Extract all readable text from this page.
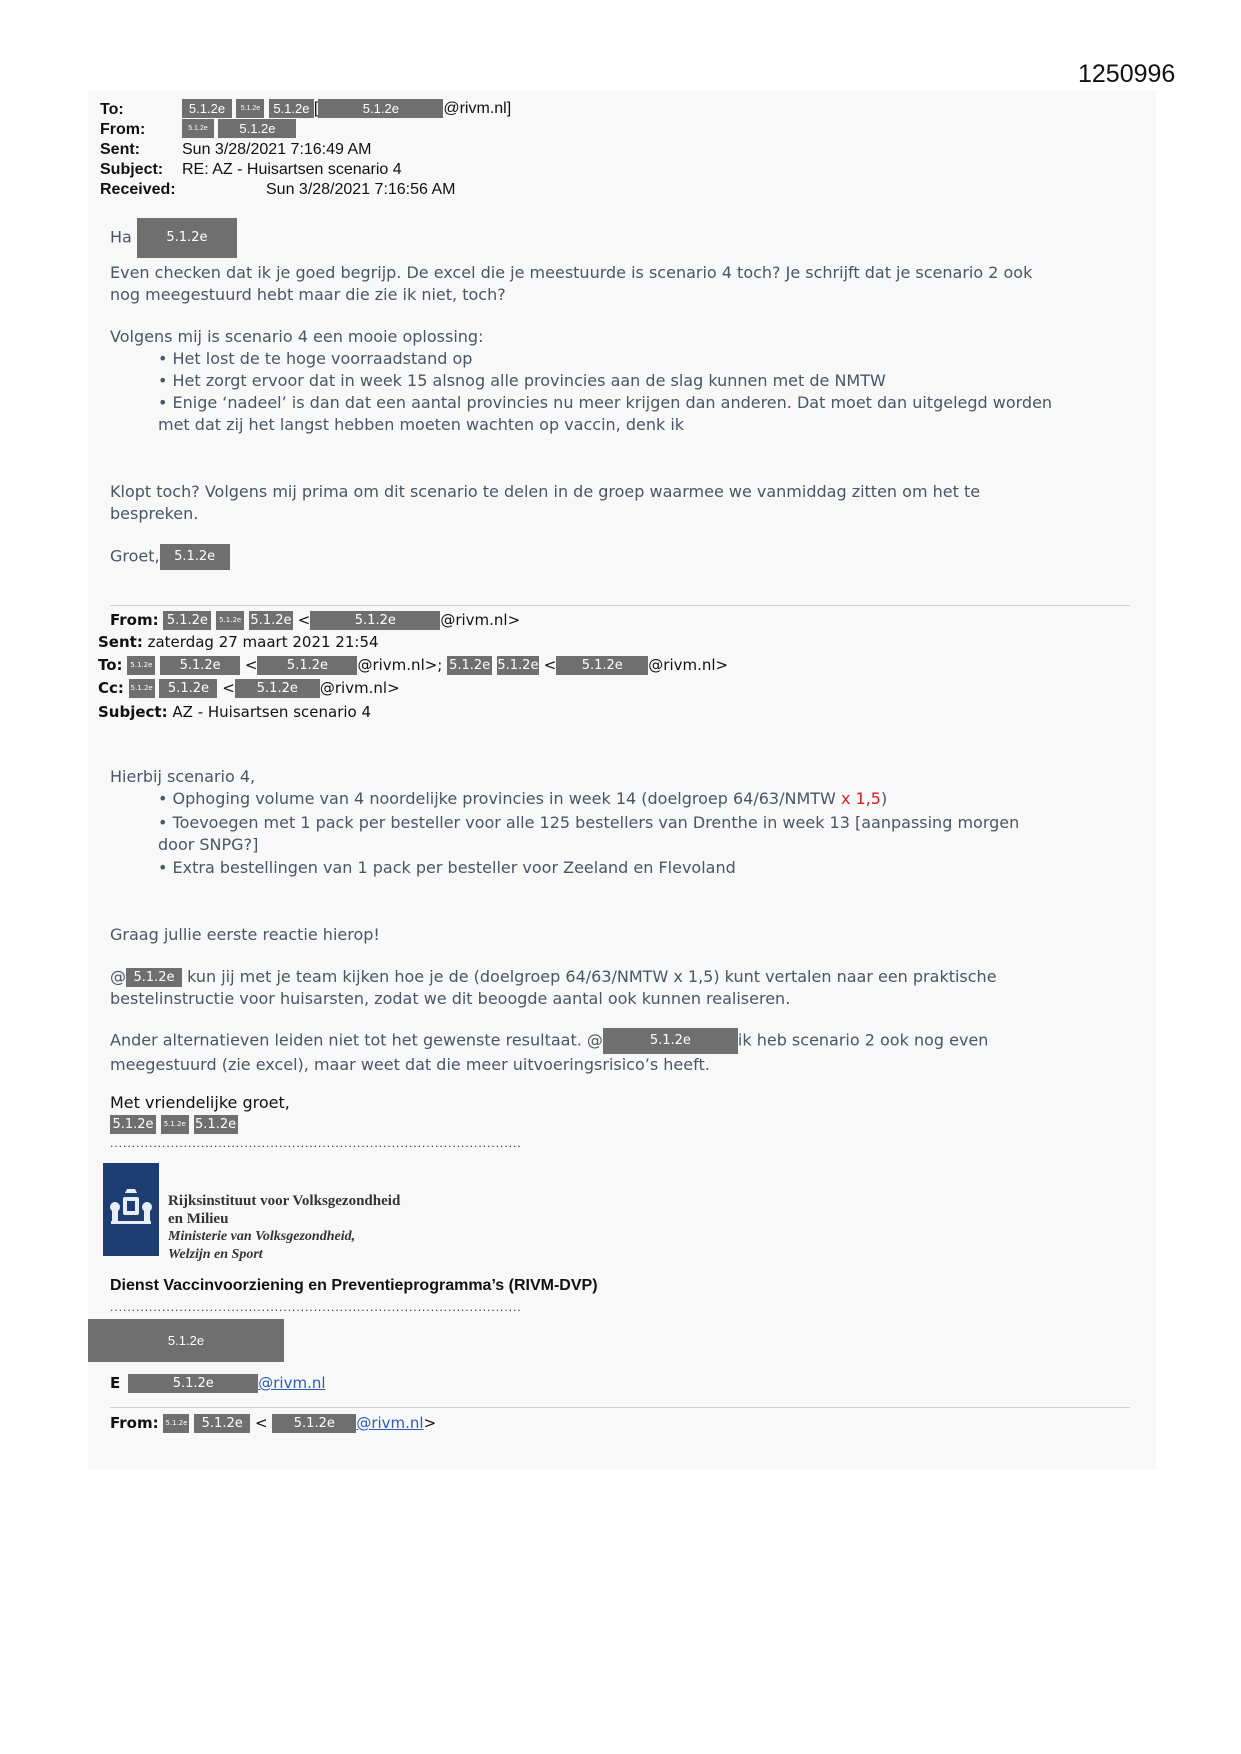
1250996
To:	5.1.2e 5.1.2e 5.1.2e [	5.1.2e	@rivm.nl]
From:	5.1.2e 5.1.2e
Sent:	Sun 3/28/2021 7:16:49 AM
Subject: RE: AZ - Huisartsen scenario 4
Received:	Sun 3/28/2021 7:16:56 AM
Ha	5.1.2e
Even checken dat ik je goed begrijp. De excel die je meestuurde is scenario 4 toch? Je schrijft dat je scenario 2 ook
nog meegestuurd hebt maar die zie ik niet, toch?
Volgens mij is scenario 4 een mooie oplossing:
• Het lost de te hoge voorraadstand op
• Het zorgt ervoor dat in week 15 alsnog alle provincies aan de slag kunnen met de NMTW
• Enige ‘nadeel’ is dan dat een aantal provincies nu meer krijgen dan anderen. Dat moet dan uitgelegd worden
met dat zij het langst hebben moeten wachten op vaccin, denk ik
Klopt toch? Volgens mij prima om dit scenario te delen in de groep waarmee we vanmiddag zitten om het te
bespreken.
Groet, 5.1.2e
From: 5.1.2e 5.1.2e 5.1.2e <	5.1.2e	@rivm.nl>
Sent: zaterdag 27 maart 2021 21:54
To: 5.1.2e 5.1.2e < 5.1.2e @rivm.nl>; 5.1.2e 5.1.2e < 5.1.2e @rivm.nl>
Cc: 5.1.2e 5.1.2e < 5.1.2e @rivm.nl>
Subject: AZ - Huisartsen scenario 4
Hierbij scenario 4,
• Ophoging volume van 4 noordelijke provincies in week 14 (doelgroep 64/63/NMTW x 1,5)
• Toevoegen met 1 pack per besteller voor alle 125 bestellers van Drenthe in week 13 [aanpassing morgen
door SNPG?]
• Extra bestellingen van 1 pack per besteller voor Zeeland en Flevoland
Graag jullie eerste reactie hierop!
@ 5.1.2e kun jij met je team kijken hoe je de (doelgroep 64/63/NMTW x 1,5) kunt vertalen naar een praktische
bestelinstructie voor huisarsten, zodat we dit beoogde aantal ook kunnen realiseren.
Ander alternatieven leiden niet tot het gewenste resultaat. @	5.1.2e	ik heb scenario 2 ook nog even
meegestuurd (zie excel), maar weet dat die meer uitvoeringsrisico’s heeft.
Met vriendelijke groet,
5.1.2e 5.1.2e 5.1.2e
...............................................................................................
Rijksinstituut voor Volksgezondheid
en Milieu
Ministerie van Volksgezondheid,
Welzijn en Sport
Dienst Vaccinvoorziening en Preventieprogramma’s (RIVM-DVP)
...............................................................................................
5.1.2e
E	5.1.2e	@rivm.nl
From: 5.1.2e 5.1.2e < 5.1.2e @rivm.nl>
